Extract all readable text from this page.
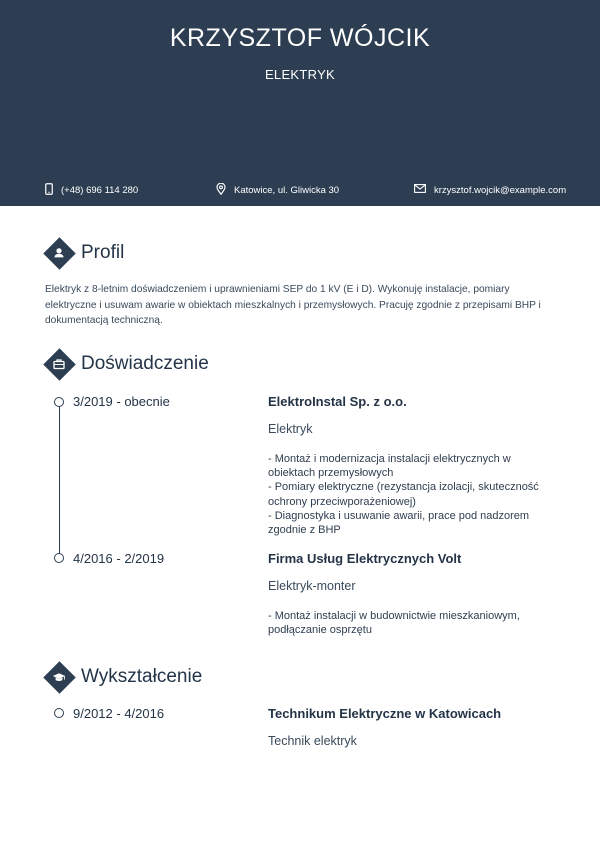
KRZYSZTOF WÓJCIK
ELEKTRYK
(+48) 696 114 280	Katowice, ul. Gliwicka 30	krzysztof.wojcik@example.com
Profil
Elektryk z 8-letnim doświadczeniem i uprawnieniami SEP do 1 kV (E i D). Wykonuję instalacje, pomiary elektryczne i usuwam awarie w obiektach mieszkalnych i przemysłowych. Pracuję zgodnie z przepisami BHP i dokumentacją techniczną.
Doświadczenie
3/2019 - obecnie	ElektroInstal Sp. z o.o.
Elektryk
- Montaż i modernizacja instalacji elektrycznych w obiektach przemysłowych
- Pomiary elektryczne (rezystancja izolacji, skuteczność ochrony przeciwporażeniowej)
- Diagnostyka i usuwanie awarii, prace pod nadzorem zgodnie z BHP
4/2016 - 2/2019	Firma Usług Elektrycznych Volt
Elektryk-monter
- Montaż instalacji w budownictwie mieszkaniowym, podłączanie osprzętu
Wykształcenie
9/2012 - 4/2016	Technikum Elektryczne w Katowicach
Technik elektryk
